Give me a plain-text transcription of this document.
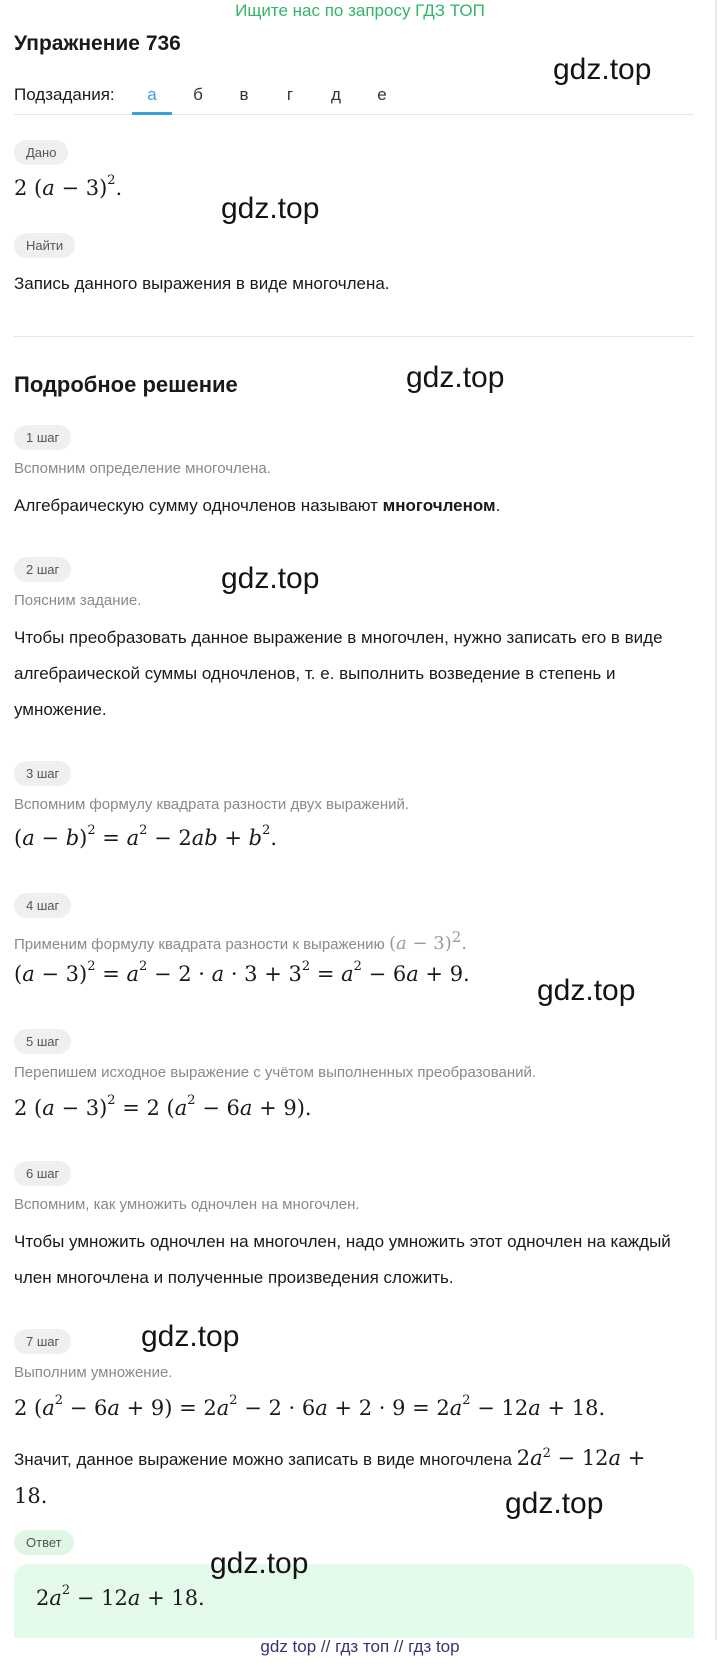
Ищите нас по запросу ГДЗ ТОП
Упражнение 736
Подзадания:	а	б	в	г	д	е
Дано
2 $(a - 3)^2$.
Найти
Запись данного выражения в виде многочлена.
Подробное решение
1 шаг
Вспомним определение многочлена.
Алгебраическую сумму одночленов называют многочленом.
2 шаг
Поясним задание.
Чтобы преобразовать данное выражение в многочлен, нужно записать его в виде алгебраической суммы одночленов, т. е. выполнить возведение в степень и умножение.
3 шаг
Вспомним формулу квадрата разности двух выражений.
$(a - b)^2 = a^2 - 2ab + b^2$.
4 шаг
Применим формулу квадрата разности к выражению $(a - 3)^2$.
$(a - 3)^2 = a^2 - 2 \cdot a \cdot 3 + 3^2 = a^2 - 6a + 9$.
5 шаг
Перепишем исходное выражение с учётом выполненных преобразований.
2 $(a - 3)^2 = 2$ $(a^2 - 6a + 9)$.
6 шаг
Вспомним, как умножить одночлен на многочлен.
Чтобы умножить одночлен на многочлен, надо умножить этот одночлен на каждый член многочлена и полученные произведения сложить.
7 шаг
Выполним умножение.
2 $(a^2 - 6a + 9) = 2a^2 - 2 \cdot 6a + 2 \cdot 9 = 2a^2 - 12a + 18$.
Значит, данное выражение можно записать в виде многочлена $2a^2 - 12a$ +
18.
Ответ
$2a^2 - 12a + 18$.
gdz.top
gdz.top
gdz.top
gdz.top
gdz.top
gdz.top
gdz.top
gdz.top
gdz top // гдз топ // гдз top
